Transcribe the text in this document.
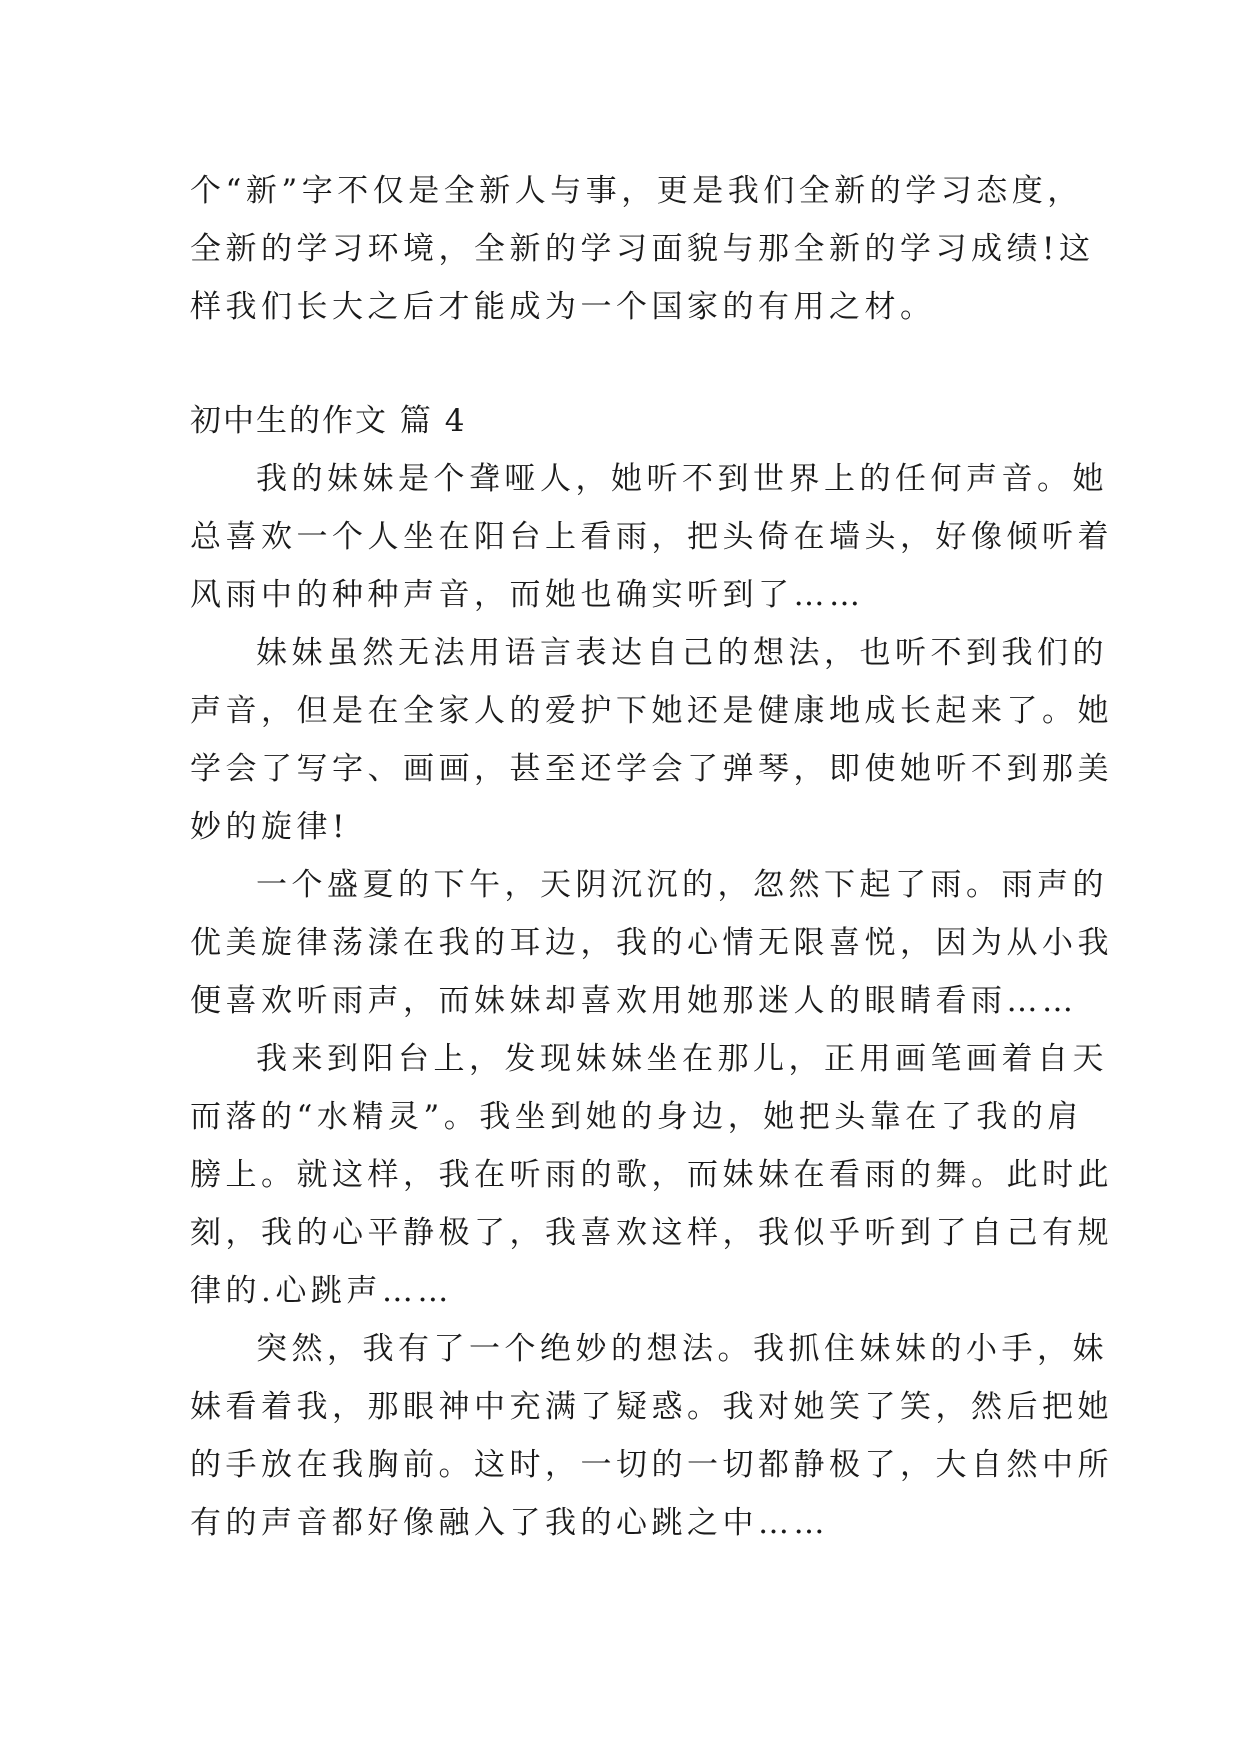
个“新”字不仅是全新人与事，更是我们全新的学习态度，
全新的学习环境，全新的学习面貌与那全新的学习成绩!这
样我们长大之后才能成为一个国家的有用之材。
初中生的作文 篇 4
我的妹妹是个聋哑人，她听不到世界上的任何声音。她
总喜欢一个人坐在阳台上看雨，把头倚在墙头，好像倾听着
风雨中的种种声音，而她也确实听到了……
妹妹虽然无法用语言表达自己的想法，也听不到我们的
声音，但是在全家人的爱护下她还是健康地成长起来了。她
学会了写字、画画，甚至还学会了弹琴，即使她听不到那美
妙的旋律!
一个盛夏的下午，天阴沉沉的，忽然下起了雨。雨声的
优美旋律荡漾在我的耳边，我的心情无限喜悦，因为从小我
便喜欢听雨声，而妹妹却喜欢用她那迷人的眼睛看雨……
我来到阳台上，发现妹妹坐在那儿，正用画笔画着自天
而落的“水精灵”。我坐到她的身边，她把头靠在了我的肩
膀上。就这样，我在听雨的歌，而妹妹在看雨的舞。此时此
刻，我的心平静极了，我喜欢这样，我似乎听到了自己有规
律的.心跳声……
突然，我有了一个绝妙的想法。我抓住妹妹的小手，妹
妹看着我，那眼神中充满了疑惑。我对她笑了笑，然后把她
的手放在我胸前。这时，一切的一切都静极了，大自然中所
有的声音都好像融入了我的心跳之中……
